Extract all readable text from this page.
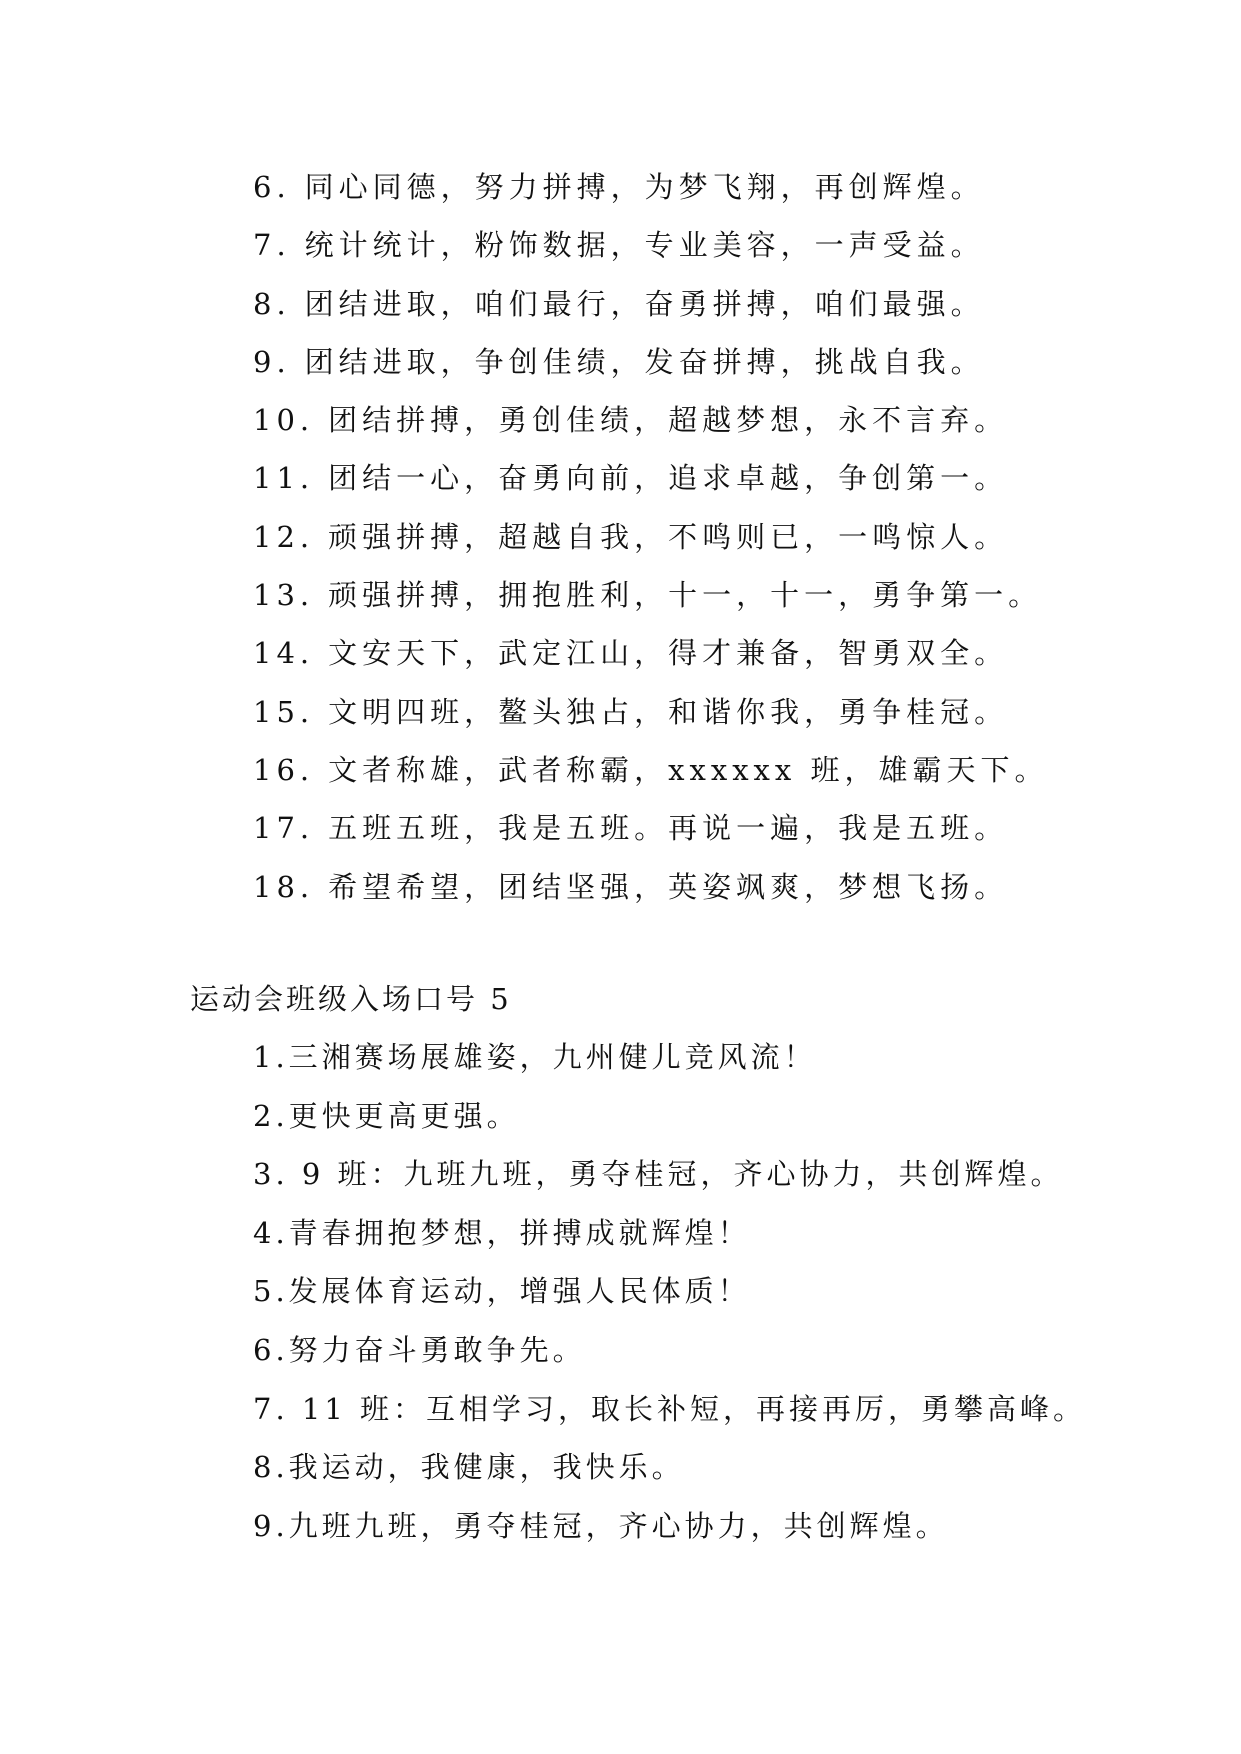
6. 同心同德，努力拼搏，为梦飞翔，再创辉煌。
7. 统计统计，粉饰数据，专业美容，一声受益。
8. 团结进取，咱们最行，奋勇拼搏，咱们最强。
9. 团结进取，争创佳绩，发奋拼搏，挑战自我。
10. 团结拼搏，勇创佳绩，超越梦想，永不言弃。
11. 团结一心，奋勇向前，追求卓越，争创第一。
12. 顽强拼搏，超越自我，不鸣则已，一鸣惊人。
13. 顽强拼搏，拥抱胜利，十一，十一，勇争第一。
14. 文安天下，武定江山，得才兼备，智勇双全。
15. 文明四班，鳌头独占，和谐你我，勇争桂冠。
16. 文者称雄，武者称霸，xxxxxx 班，雄霸天下。
17. 五班五班，我是五班。再说一遍，我是五班。
18. 希望希望，团结坚强，英姿飒爽，梦想飞扬。
运动会班级入场口号 5
1.三湘赛场展雄姿，九州健儿竞风流！
2.更快更高更强。
3. 9 班：九班九班，勇夺桂冠，齐心协力，共创辉煌。
4.青春拥抱梦想，拼搏成就辉煌！
5.发展体育运动，增强人民体质！
6.努力奋斗勇敢争先。
7. 11 班：互相学习，取长补短，再接再厉，勇攀高峰。
8.我运动，我健康，我快乐。
9.九班九班，勇夺桂冠，齐心协力，共创辉煌。
